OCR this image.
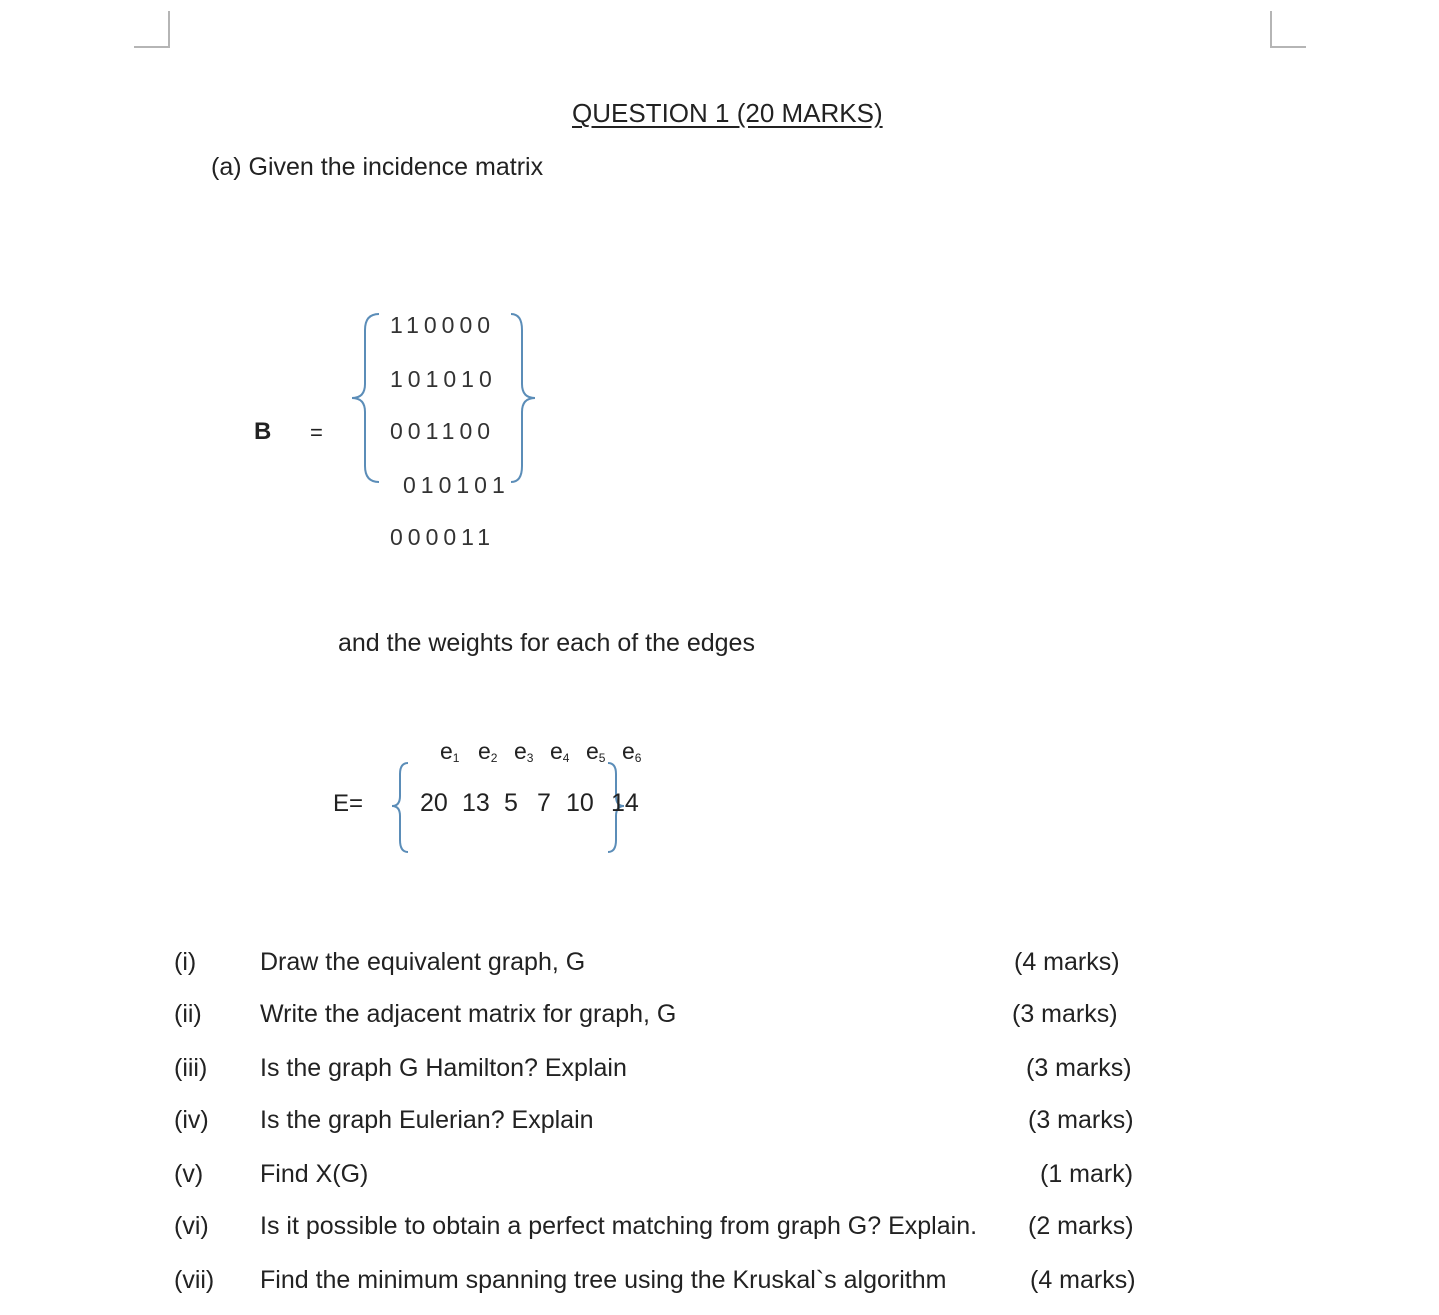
QUESTION 1 (20 MARKS)
(a) Given the incidence matrix
B =
110000
101010
001100
010101
000011
and the weights for each of the edges
$e_1$ $e_2$ $e_3$ $e_4$ $e_5$ $e_6$
E= 20 13 5 7 10 14
(i)	Draw the equivalent graph, G	(4 marks)
(ii) Write the adjacent matrix for graph, G	(3 marks)
(iii) Is the graph G Hamilton? Explain	(3 marks)
(iv) Is the graph Eulerian? Explain	(3 marks)
(v) Find X(G)	(1 mark)
(vi) Is it possible to obtain a perfect matching from graph G? Explain. (2 marks)
(vii) Find the minimum spanning tree using the Kruskal`s algorithm	(4 marks)
